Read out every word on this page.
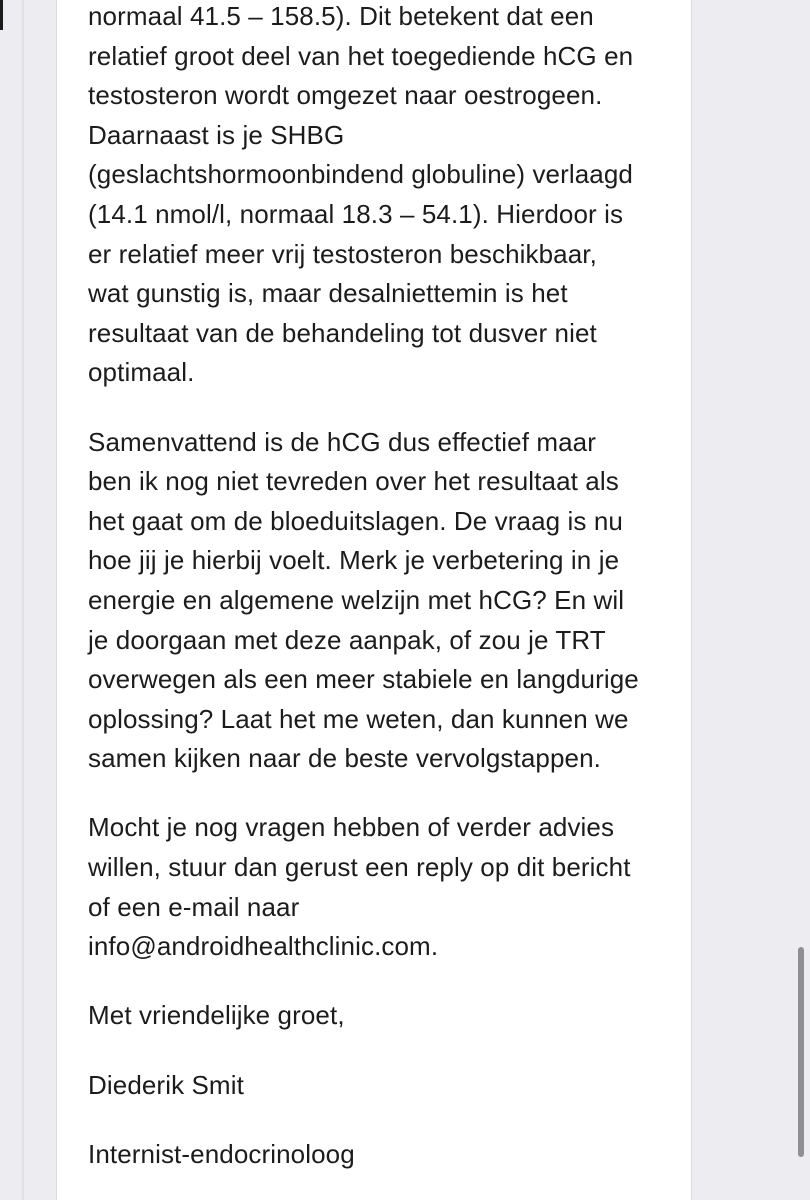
normaal 41.5 – 158.5). Dit betekent dat een
relatief groot deel van het toegediende hCG en
testosteron wordt omgezet naar oestrogeen.
Daarnaast is je SHBG
(geslachtshormoonbindend globuline) verlaagd
(14.1 nmol/l, normaal 18.3 – 54.1). Hierdoor is
er relatief meer vrij testosteron beschikbaar,
wat gunstig is, maar desalniettemin is het
resultaat van de behandeling tot dusver niet
optimaal.

Samenvattend is de hCG dus effectief maar
ben ik nog niet tevreden over het resultaat als
het gaat om de bloeduitslagen. De vraag is nu
hoe jij je hierbij voelt. Merk je verbetering in je
energie en algemene welzijn met hCG? En wil
je doorgaan met deze aanpak, of zou je TRT
overwegen als een meer stabiele en langdurige
oplossing? Laat het me weten, dan kunnen we
samen kijken naar de beste vervolgstappen.

Mocht je nog vragen hebben of verder advies
willen, stuur dan gerust een reply op dit bericht
of een e-mail naar
info@androidhealthclinic.com.

Met vriendelijke groet,

Diederik Smit

Internist-endocrinoloog
